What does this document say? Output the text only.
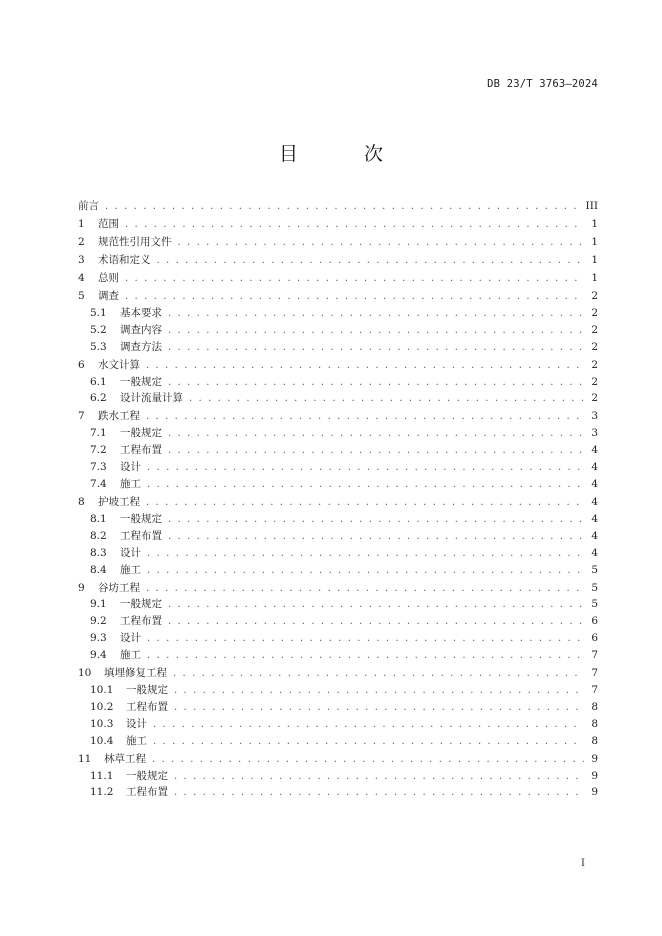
DB 23/T 3763—2024
目 次
前言 . . .	III
1	范围 . . .	1
2	规范性引用文件 . . .	1
3	术语和定义 . . .	1
4	总则 . . .	1
5	调查 . . .	2
5.1	基本要求 . . .	2
5.2	调查内容 . . .	2
5.3	调查方法 . . .	2
6	水文计算 . . .	2
6.1	一般规定 . . .	2
6.2	设计流量计算 . . .	2
7	跌水工程 . . .	3
7.1	一般规定 . . .	3
7.2	工程布置 . . .	4
7.3	设计 . . .	4
7.4	施工 . . .	4
8	护坡工程 . . .	4
8.1	一般规定 . . .	4
8.2	工程布置 . . .	4
8.3	设计 . . .	4
8.4	施工 . . .	5
9	谷坊工程 . . .	5
9.1	一般规定 . . .	5
9.2	工程布置 . . .	6
9.3	设计 . . .	6
9.4	施工 . . .	7
10	填埋修复工程 . . .	7
10.1	一般规定 . . .	7
10.2	工程布置 . . .	8
10.3	设计 . . .	8
10.4	施工 . . .	8
11	林草工程 . . .	9
11.1	一般规定 . . .	9
11.2	工程布置 . . .	9
I
